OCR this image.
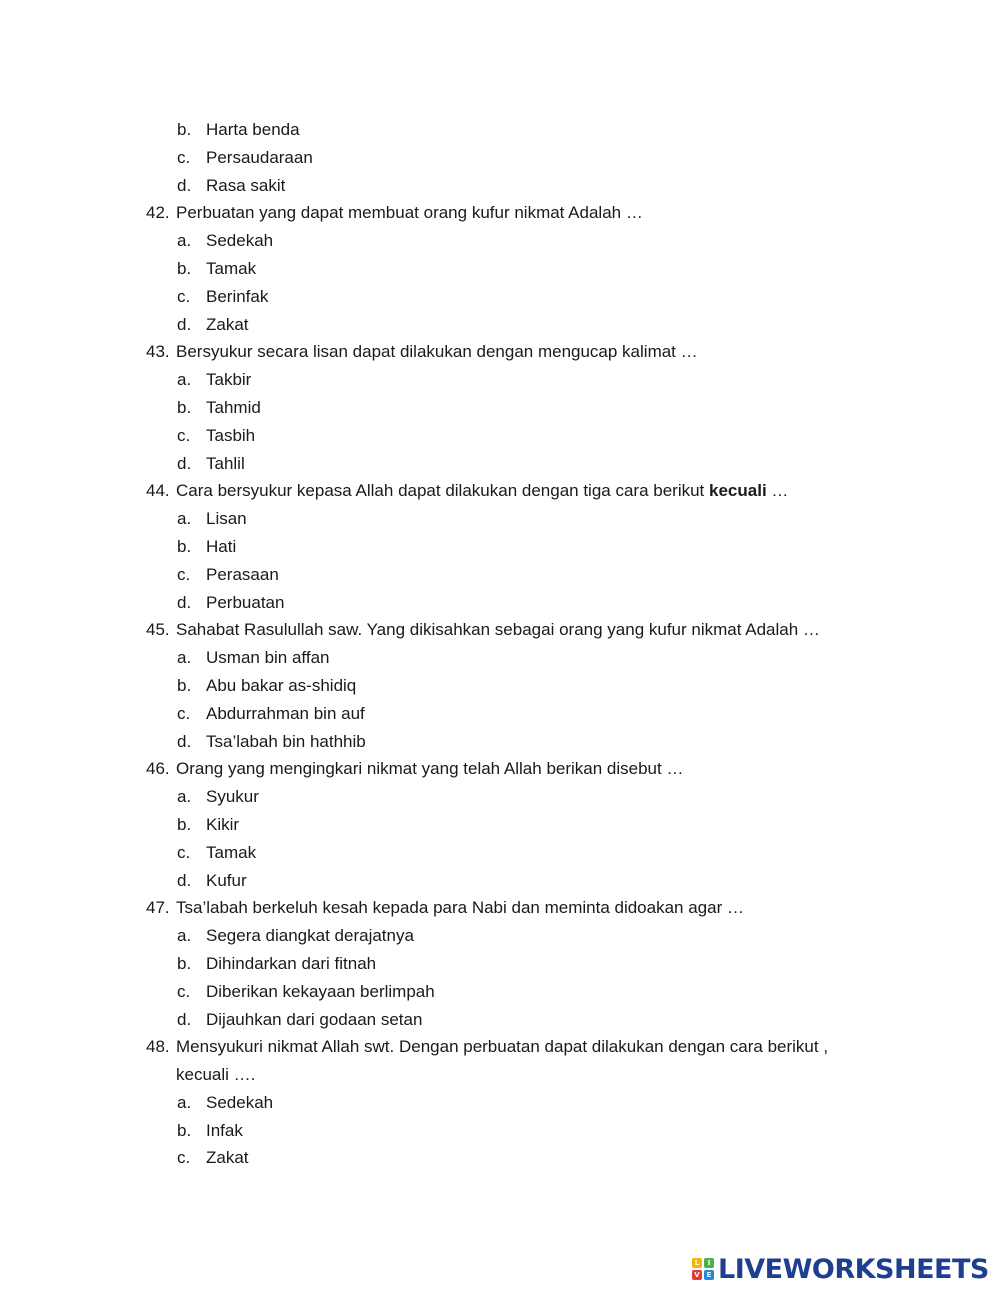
b. Harta benda
c. Persaudaraan
d. Rasa sakit
42. Perbuatan yang dapat membuat orang kufur nikmat Adalah …
a. Sedekah
b. Tamak
c. Berinfak
d. Zakat
43. Bersyukur secara lisan dapat dilakukan dengan mengucap kalimat …
a. Takbir
b. Tahmid
c. Tasbih
d. Tahlil
44. Cara bersyukur kepasa Allah dapat dilakukan dengan tiga cara berikut kecuali …
a. Lisan
b. Hati
c. Perasaan
d. Perbuatan
45. Sahabat Rasulullah saw. Yang dikisahkan sebagai orang yang kufur nikmat Adalah …
a. Usman bin affan
b. Abu bakar as-shidiq
c. Abdurrahman bin auf
d. Tsa’labah bin hathhib
46. Orang yang mengingkari nikmat yang telah Allah berikan disebut …
a. Syukur
b. Kikir
c. Tamak
d. Kufur
47. Tsa’labah berkeluh kesah kepada para Nabi dan meminta didoakan agar …
a. Segera diangkat derajatnya
b. Dihindarkan dari fitnah
c. Diberikan kekayaan berlimpah
d. Dijauhkan dari godaan setan
48. Mensyukuri nikmat Allah swt. Dengan perbuatan dapat dilakukan dengan cara berikut ,
kecuali ….
a. Sedekah
b. Infak
c. Zakat
L	I
V E LIVEWORKSHEETS
